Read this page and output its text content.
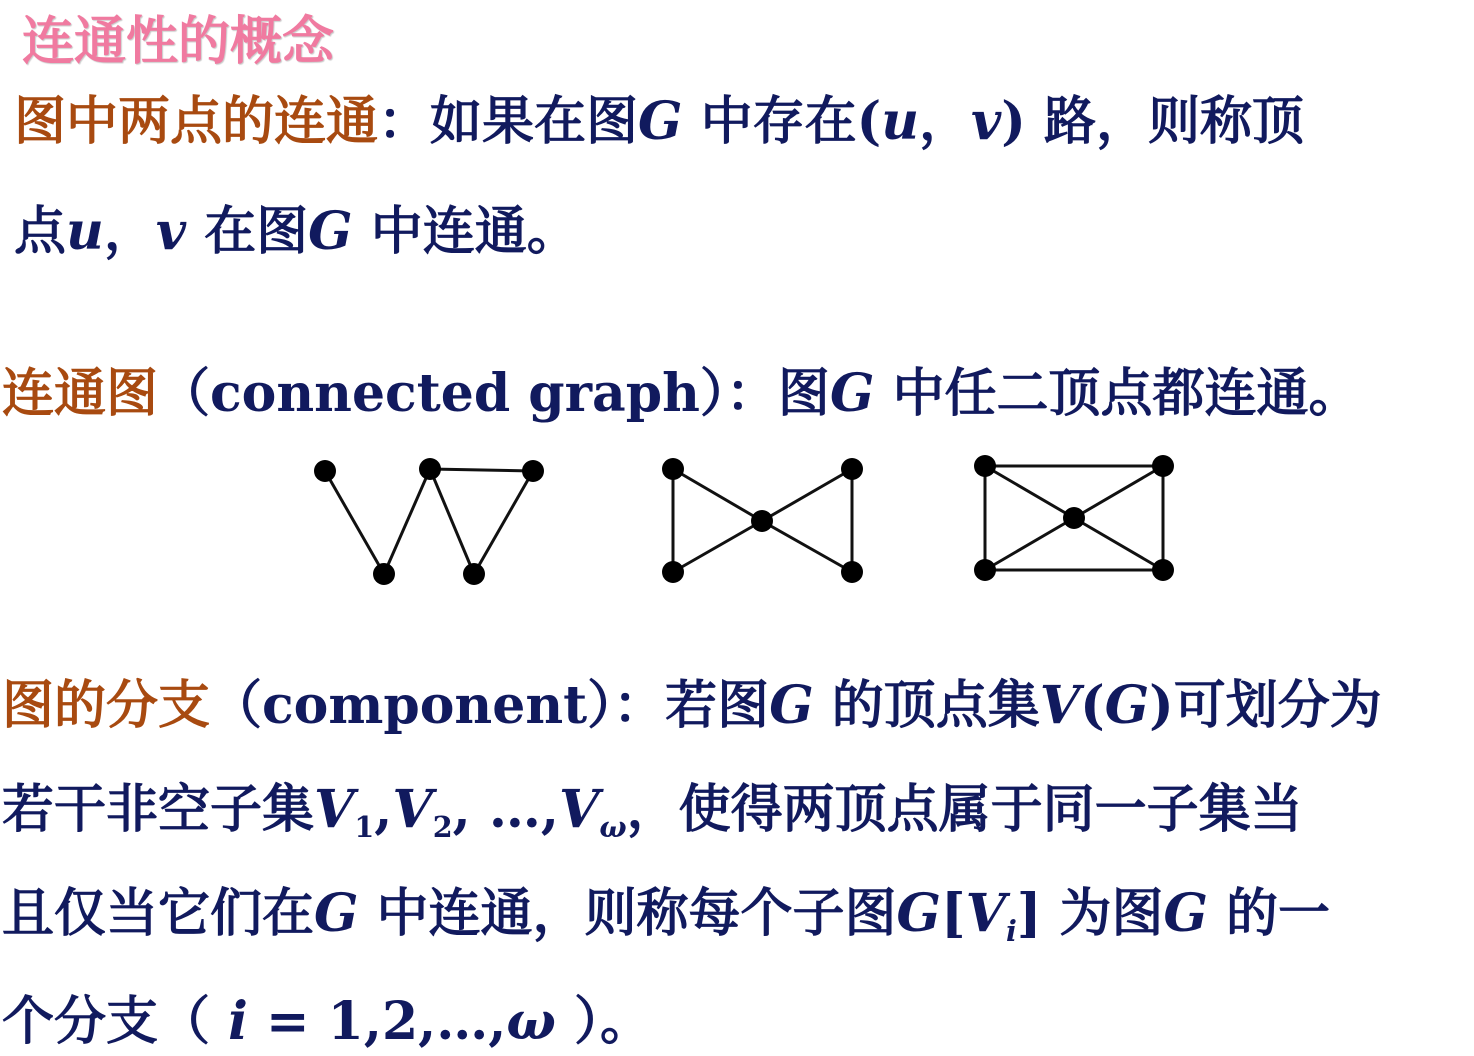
连通性的概念
图中两点的连通：如果在图G 中存在(u，v) 路，则称顶
点u，v 在图G 中连通。
连通图（connected graph）：图G 中任二顶点都连通。
图的分支（component）：若图G 的顶点集V(G)可划分为
若干非空子集$V_1,V_2$, $\dots,V_\omega$，使得两顶点属于同一子集当
且仅当它们在G 中连通，则称每个子图$G[V_i]$ 为图G 的一
个分支（ i = 1,2,…,ω ）。
